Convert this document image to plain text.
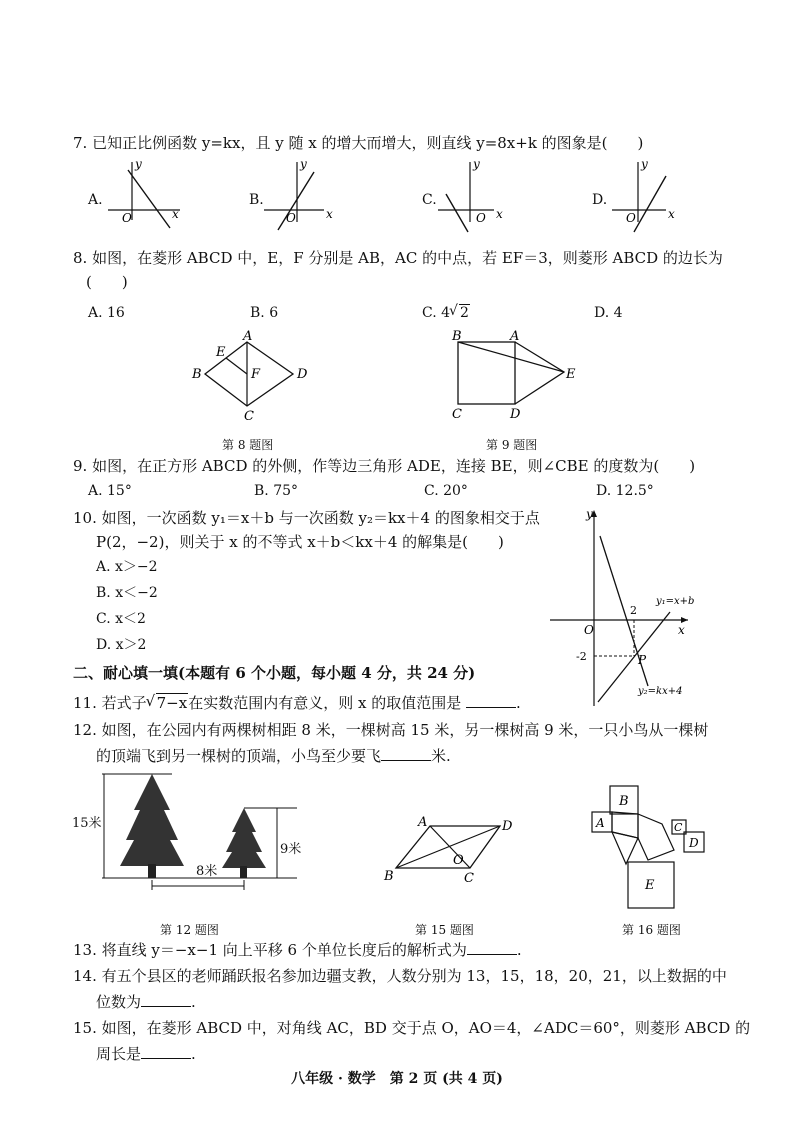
7. 已知正比例函数 y=kx，且 y 随 x 的增大而增大，则直线 y=8x+k 的图象是(　　)
A.
y
x
O
B.
y
x
O
C.
y
x
O
D.
y
x
O
8. 如图，在菱形 ABCD 中，E，F 分别是 AB，AC 的中点，若 EF＝3，则菱形 ABCD 的边长为
(　　)
A. 16	B. 6	C. 4 √ 2	D. 4
A
B
C
D
E
F
第 8 题图
B	A
E
C	D
第 9 题图
9. 如图，在正方形 ABCD 的外侧，作等边三角形 ADE，连接 BE，则∠CBE 的度数为(　　)
A. 15°	B. 75°	C. 20°	D. 12.5°
10. 如图，一次函数 y₁＝x＋b 与一次函数 y₂＝kx＋4 的图象相交于点
P(2，−2)，则关于 x 的不等式 x＋b＜kx＋4 的解集是(　　)
A. x＞−2
B. x＜−2
C. x＜2
D. x＞2
y
x
O
2
-2	P
y₁=x+b
y₂=kx+4
二、耐心填一填(本题有 6 个小题，每小题 4 分，共 24 分)
11. 若式子 √ 7−x在实数范围内有意义，则 x 的取值范围是	.
12. 如图，在公园内有两棵树相距 8 米，一棵树高 15 米，另一棵树高 9 米，一只小鸟从一棵树
的顶端飞到另一棵树的顶端，小鸟至少要飞	米.
15米
9米
8米
第 12 题图
A	D
O
B	C
第 15 题图
B
A	C
D
E
第 16 题图
13. 将直线 y＝−x−1 向上平移 6 个单位长度后的解析式为	.
14. 有五个县区的老师踊跃报名参加边疆支教，人数分别为 13，15，18，20，21，以上数据的中
位数为	.
15. 如图，在菱形 ABCD 中，对角线 AC，BD 交于点 O，AO＝4，∠ADC＝60°，则菱形 ABCD 的
周长是	.
八年级 · 数学　第 2 页 (共 4 页)
